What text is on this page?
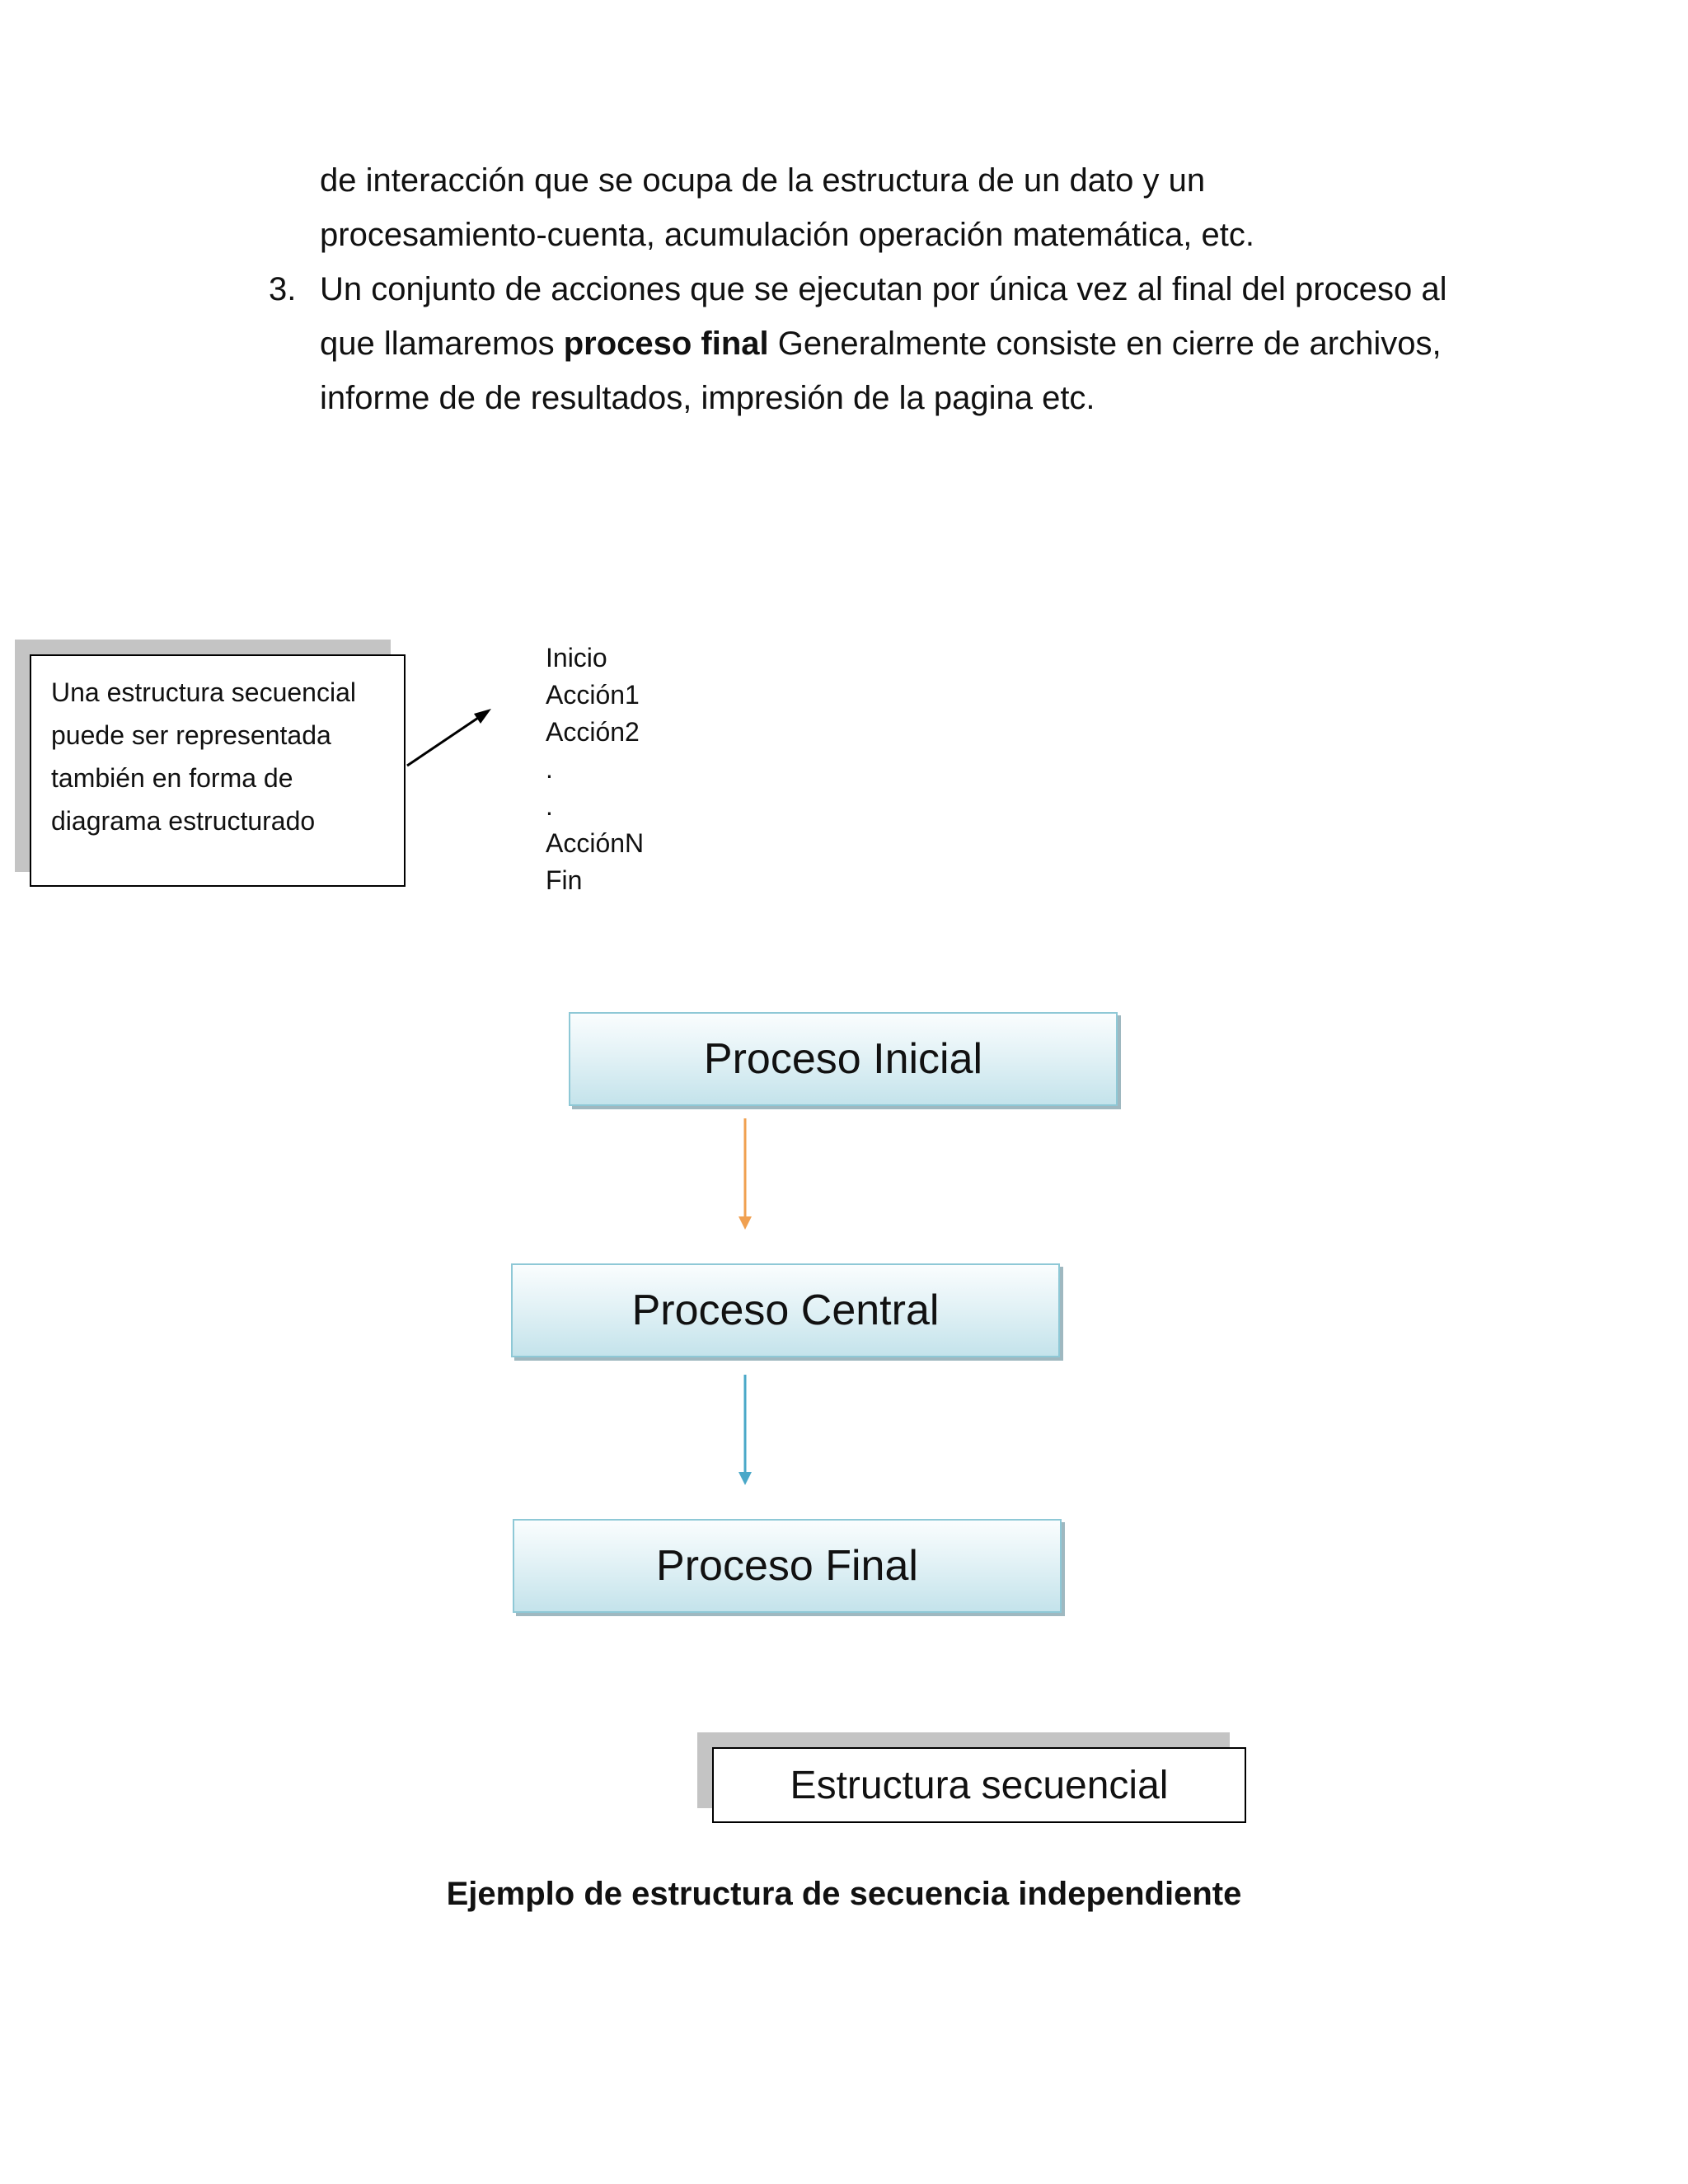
de interacción que se ocupa de la estructura de un dato y un
procesamiento-cuenta, acumulación operación matemática, etc.
3. Un conjunto de acciones que se ejecutan por única vez al final del proceso al
que llamaremos proceso final Generalmente consiste en cierre de archivos,
informe de de resultados, impresión de la pagina etc.
Una estructura secuencial
puede ser representada
también en forma de
diagrama estructurado
Inicio
Acción1
Acción2
.
.
AcciónN
Fin
Proceso Inicial
Proceso Central
Proceso Final
Estructura secuencial
Ejemplo de estructura de secuencia independiente
